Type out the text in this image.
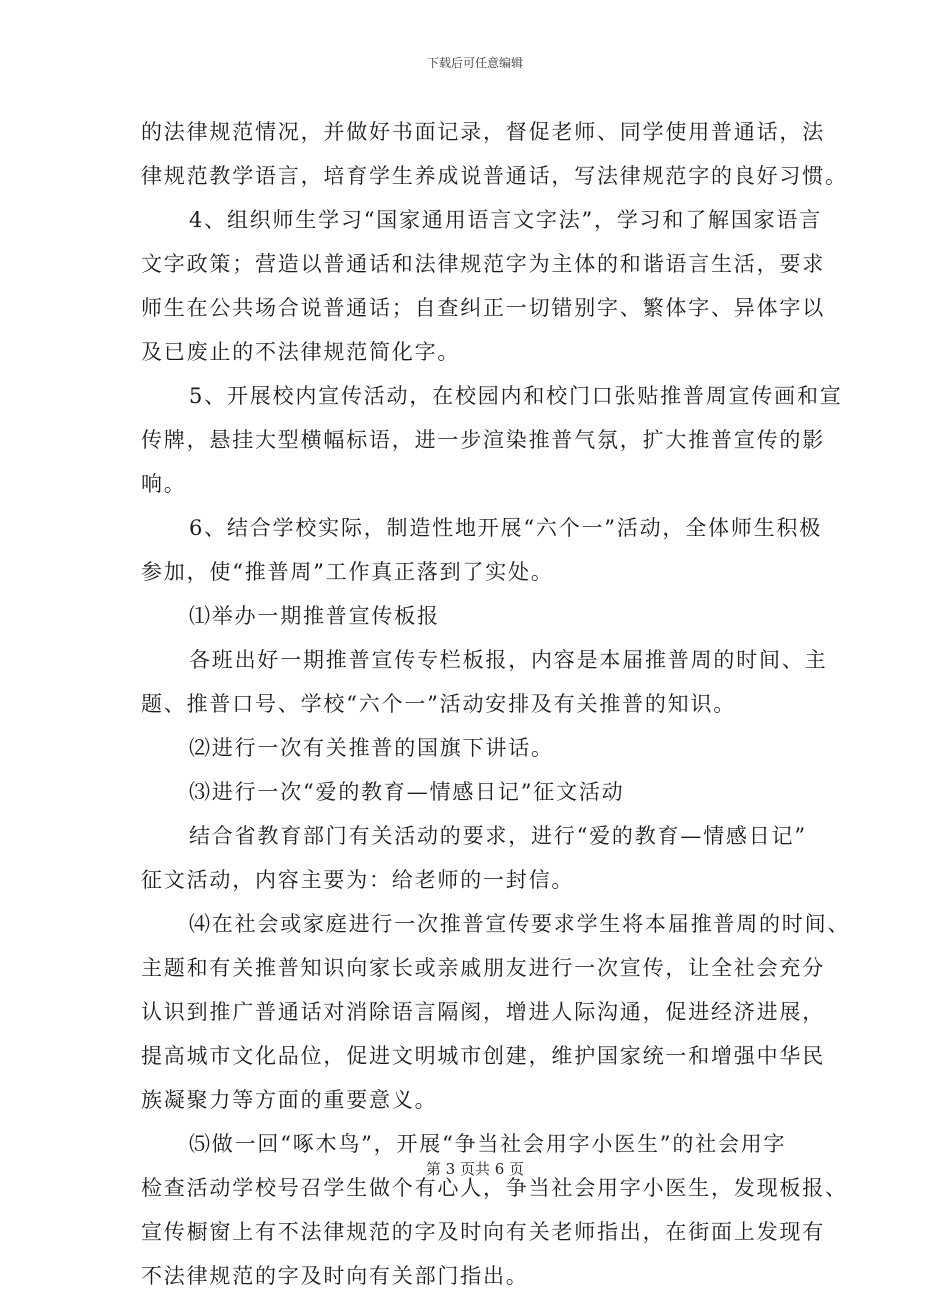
下载后可任意编辑
的法律规范情况，并做好书面记录，督促老师、同学使用普通话，法
律规范教学语言，培育学生养成说普通话，写法律规范字的良好习惯。
4、组织师生学习“国家通用语言文字法”，学习和了解国家语言
文字政策；营造以普通话和法律规范字为主体的和谐语言生活，要求
师生在公共场合说普通话；自查纠正一切错别字、繁体字、异体字以
及已废止的不法律规范简化字。
5、开展校内宣传活动，在校园内和校门口张贴推普周宣传画和宣
传牌，悬挂大型横幅标语，进一步渲染推普气氛，扩大推普宣传的影
响。
6、结合学校实际，制造性地开展“六个一”活动，全体师生积极
参加，使“推普周”工作真正落到了实处。
⑴举办一期推普宣传板报
各班出好一期推普宣传专栏板报，内容是本届推普周的时间、主
题、推普口号、学校“六个一”活动安排及有关推普的知识。
⑵进行一次有关推普的国旗下讲话。
⑶进行一次“爱的教育—情感日记”征文活动
结合省教育部门有关活动的要求，进行“爱的教育—情感日记”
征文活动，内容主要为：给老师的一封信。
⑷在社会或家庭进行一次推普宣传要求学生将本届推普周的时间、
主题和有关推普知识向家长或亲戚朋友进行一次宣传，让全社会充分
认识到推广普通话对消除语言隔阂，增进人际沟通，促进经济进展，
提高城市文化品位，促进文明城市创建，维护国家统一和增强中华民
族凝聚力等方面的重要意义。
⑸做一回“啄木鸟”，开展“争当社会用字小医生”的社会用字
检查活动学校号召学生做个有心人，争当社会用字小医生，发现板报、
宣传橱窗上有不法律规范的字及时向有关老师指出，在街面上发现有
不法律规范的字及时向有关部门指出。
第 3 页共 6 页
